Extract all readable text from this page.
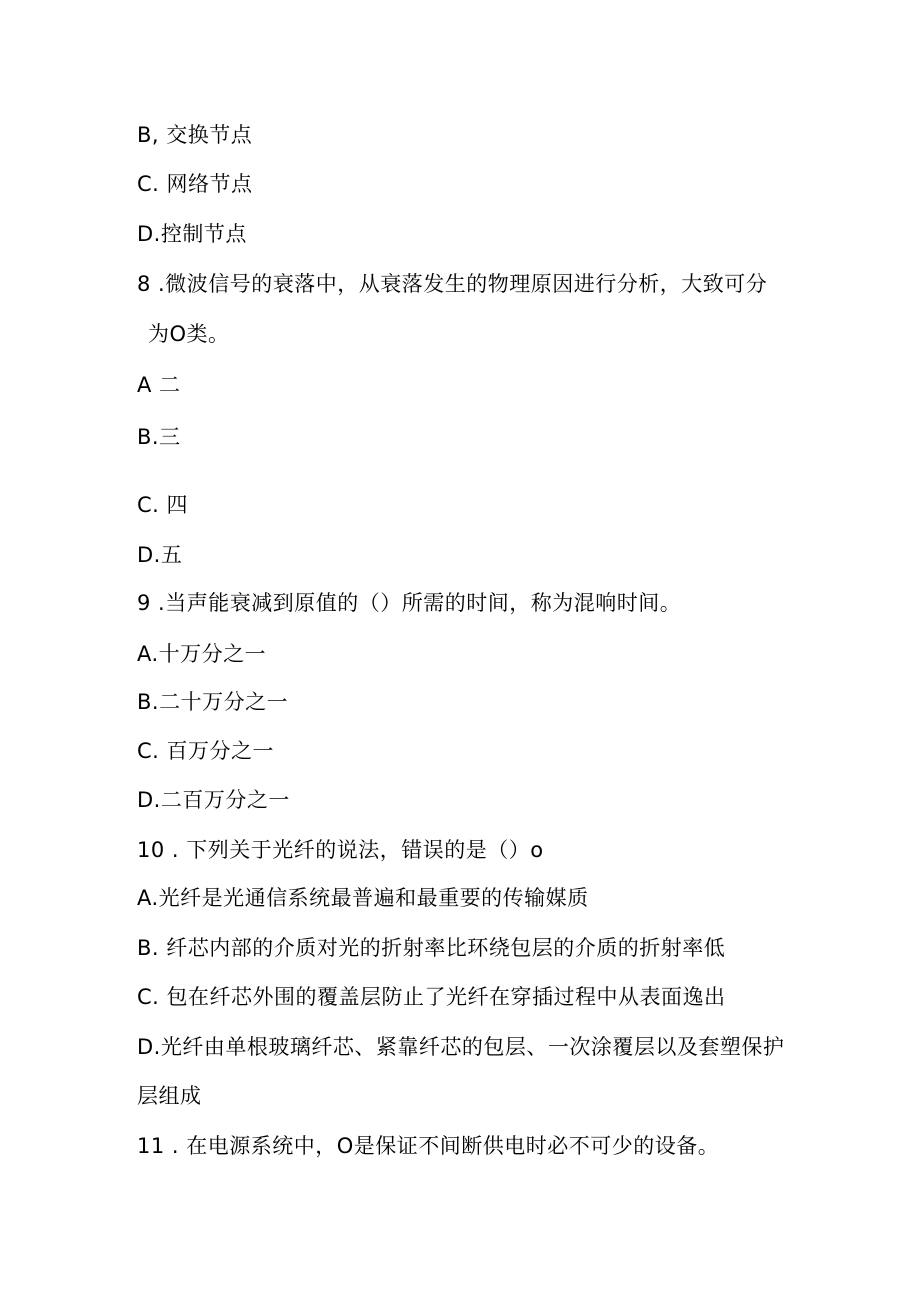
B, 交换节点
C. 网络节点
D.控制节点
8 .微波信号的衰落中，从衰落发生的物理原因进行分析，大致可分
为O类。
A 二
B.三
C. 四
D.五
9 .当声能衰减到原值的（）所需的时间，称为混响时间。
A.十万分之一
B.二十万分之一
C. 百万分之一
D.二百万分之一
10 . 下列关于光纤的说法，错误的是（）o
A.光纤是光通信系统最普遍和最重要的传输媒质
B. 纤芯内部的介质对光的折射率比环绕包层的介质的折射率低
C. 包在纤芯外围的覆盖层防止了光纤在穿插过程中从表面逸出
D.光纤由单根玻璃纤芯、紧靠纤芯的包层、一次涂覆层以及套塑保护
层组成
11 . 在电源系统中，O是保证不间断供电时必不可少的设备。
